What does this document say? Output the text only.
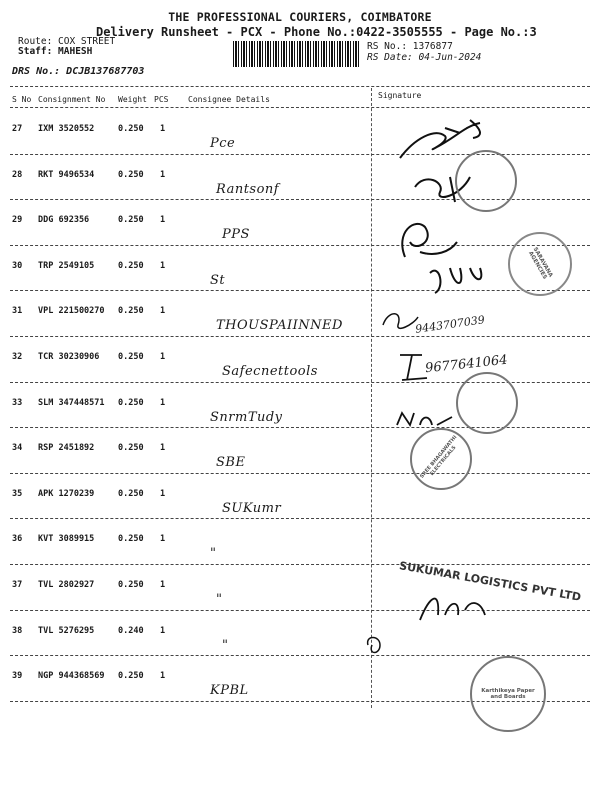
THE PROFESSIONAL COURIERS, COIMBATORE
Delivery Runsheet - PCX - Phone No.:0422-3505555 - Page No.:3
Route: COX STREET
Staff: MAHESH	RS No.: 1376877
RS Date: 04-Jun-2024
DRS No.: DCJB137687703
S No Consignment No Weight PCS Consignee Details	Signature
27 IXM 3520552	0.250 1
Pce
28 RKT 9496534	0.250 1
Rantsonf
29 DDG 692356	0.250 1
PPS
30 TRP 2549105	0.250 1
St
31 VPL 221500270 0.250 1
THOUSPAIINNED
32 TCR 30230906 0.250 1
Safecnettools
33 SLM 347448571 0.250 1
SnrmTudy
34 RSP 2451892	0.250 1
SBE
35 APK 1270239	0.250 1
SUKumr
36 KVT 3089915	0.250 1
"
37 TVL 2802927	0.250 1
"
38 TVL 5276295	0.240 1
"
39 NGP 944368569 0.250 1
KPBL
9443707039
9677641064
SARAVANA AGENCIES
SREE BHAGAWATHI ELECTRICALS
SUKUMAR LOGISTICS PVT LTD
Karthikeya Paper and Boards
